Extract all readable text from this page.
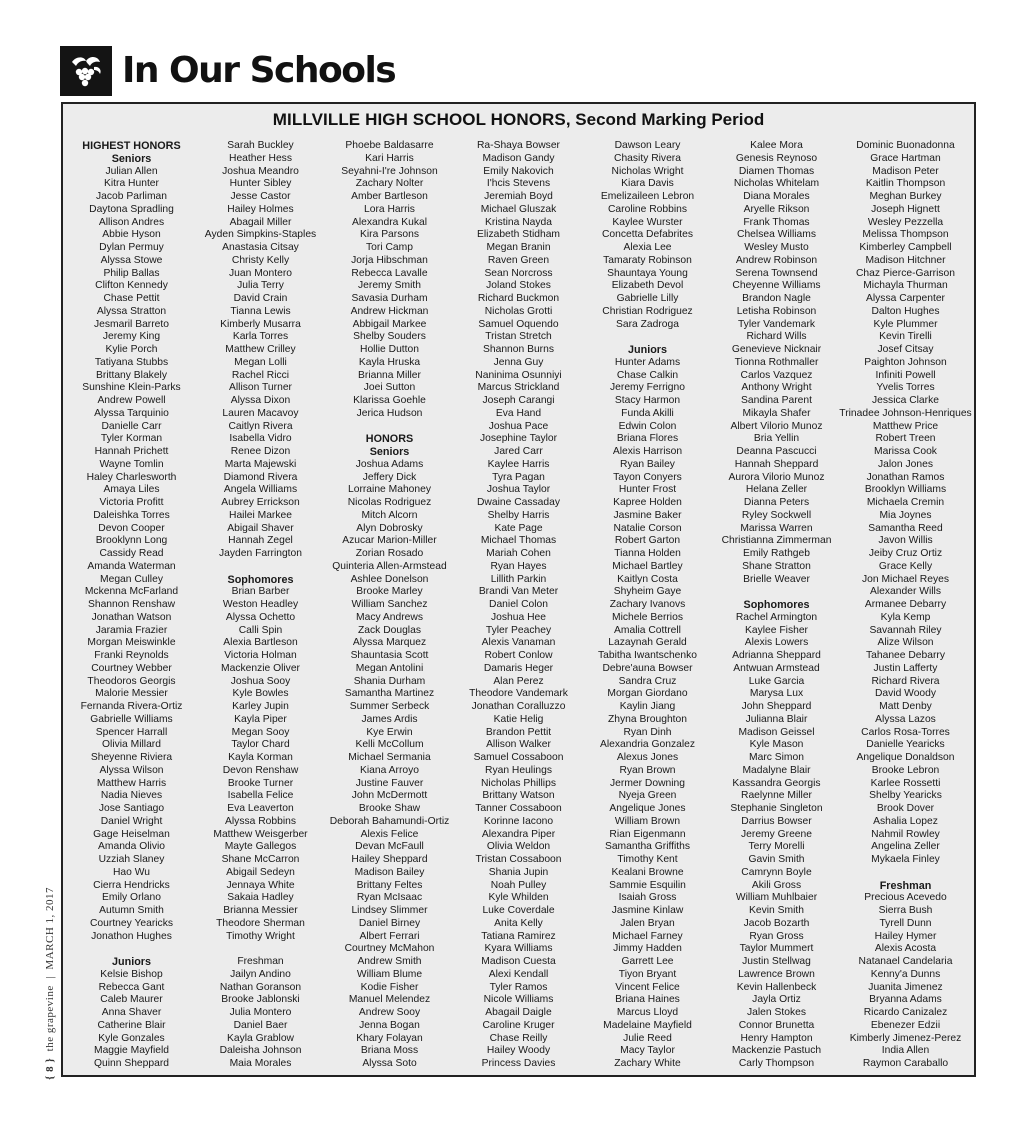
In Our Schools
MILLVILLE HIGH SCHOOL HONORS, Second Marking Period
HIGHEST HONORS
Seniors
Julian Allen
Kitra Hunter
Jacob Parliman
Daytona Spradling
Allison Andres
Abbie Hyson
Dylan Permuy
Alyssa Stowe
Philip Ballas
Clifton Kennedy
Chase Pettit
Alyssa Stratton
Jesmaril Barreto
Jeremy King
Kylie Porch
Tatiyana Stubbs
Brittany Blakely
Sunshine Klein-Parks
Andrew Powell
Alyssa Tarquinio
Danielle Carr
Tyler Korman
Hannah Prichett
Wayne Tomlin
Haley Charlesworth
Amaya Liles
Victoria Profitt
Daleishka Torres
Devon Cooper
Brooklynn Long
Cassidy Read
Amanda Waterman
Megan Culley
Mckenna McFarland
Shannon Renshaw
Jonathan Watson
Jaramia Frazier
Morgan Meiswinkle
Franki Reynolds
Courtney Webber
Theodoros Georgis
Malorie Messier
Fernanda Rivera-Ortiz
Gabrielle Williams
Spencer Harrall
Olivia Millard
Sheyenne Riviera
Alyssa Wilson
Matthew Harris
Nadia Nieves
Jose Santiago
Daniel Wright
Gage Heiselman
Amanda Olivio
Uzziah Slaney
Hao Wu
Cierra Hendricks
Emily Orlano
Autumn Smith
Courtney Yearicks
Jonathon Hughes

Juniors
Kelsie Bishop
Rebecca Gant
Caleb Maurer
Anna Shaver
Catherine Blair
Kyle Gonzales
Maggie Mayfield
Quinn Sheppard
Sarah Buckley
Heather Hess
Joshua Meandro
Hunter Sibley
Jesse Castor
Hailey Holmes
Abagail Miller
Ayden Simpkins-Staples
Anastasia Citsay
Christy Kelly
Juan Montero
Julia Terry
David Crain
Tianna Lewis
Kimberly Musarra
Karla Torres
Matthew Crilley
Megan Lolli
Rachel Ricci
Allison Turner
Alyssa Dixon
Lauren Macavoy
Caitlyn Rivera
Isabella Vidro
Renee Dizon
Marta Majewski
Diamond Rivera
Angela Williams
Aubrey Errickson
Hailei Markee
Abigail Shaver
Hannah Zegel
Jayden Farrington

Sophomores
Brian Barber
Weston Headley
Alyssa Ochetto
Calli Spin
Alexia Bartleson
Victoria Holman
Mackenzie Oliver
Joshua Sooy
Kyle Bowles
Karley Jupin
Kayla Piper
Megan Sooy
Taylor Chard
Kayla Korman
Devon Renshaw
Brooke Turner
Isabella Felice
Eva Leaverton
Alyssa Robbins
Matthew Weisgerber
Mayte Gallegos
Shane McCarron
Abigail Sedeyn
Jennaya White
Sakaia Hadley
Brianna Messier
Theodore Sherman
Timothy Wright

Freshman
Jailyn Andino
Nathan Goranson
Brooke Jablonski
Julia Montero
Daniel Baer
Kayla Grablow
Daleisha Johnson
Maia Morales
Phoebe Baldasarre
Kari Harris
Seyahni-I're Johnson
Zachary Nolter
Amber Bartleson
Lora Harris
Alexandra Kukal
Kira Parsons
Tori Camp
Jorja Hibschman
Rebecca Lavalle
Jeremy Smith
Savasia Durham
Andrew Hickman
Abbigail Markee
Shelby Souders
Hollie Dutton
Kayla Hruska
Brianna Miller
Joei Sutton
Klarissa Goehle
Jerica Hudson

HONORS
Seniors
Joshua Adams
Jeffery Dick
Lorraine Mahoney
Nicolas Rodriguez
Mitch Alcorn
Alyn Dobrosky
Azucar Marion-Miller
Zorian Rosado
Quinteria Allen-Armstead
Ashlee Donelson
Brooke Marley
William Sanchez
Macy Andrews
Zack Douglas
Alyssa Marquez
Shauntasia Scott
Megan Antolini
Shania Durham
Samantha Martinez
Summer Serbeck
James Ardis
Kye Erwin
Kelli McCollum
Michael Sermania
Kiana Arroyo
Justine Fauver
John McDermott
Brooke Shaw
Deborah Bahamundi-Ortiz
Alexis Felice
Devan McFaull
Hailey Sheppard
Madison Bailey
Brittany Feltes
Ryan McIsaac
Lindsey Slimmer
Daniel Birney
Albert Ferrari
Courtney McMahon
Andrew Smith
William Blume
Kodie Fisher
Manuel Melendez
Andrew Sooy
Jenna Bogan
Khary Folayan
Briana Moss
Alyssa Soto
Ra-Shaya Bowser
Madison Gandy
Emily Nakovich
I'hcis Stevens
Jeremiah Boyd
Michael Gluszak
Kristina Nayda
Elizabeth Stidham
Megan Branin
Raven Green
Sean Norcross
Joland Stokes
Richard Buckmon
Nicholas Grotti
Samuel Oquendo
Tristan Stretch
Shannon Burns
Jenna Guy
Naninima Osunniyi
Marcus Strickland
Joseph Carangi
Eva Hand
Joshua Pace
Josephine Taylor
Jared Carr
Kaylee Harris
Tyra Pagan
Joshua Taylor
Dwaine Cassaday
Shelby Harris
Kate Page
Michael Thomas
Mariah Cohen
Ryan Hayes
Lillith Parkin
Brandi Van Meter
Daniel Colon
Joshua Hee
Tyler Peachey
Alexis Vanaman
Robert Conlow
Damaris Heger
Alan Perez
Theodore Vandemark
Jonathan Coralluzzo
Katie Helig
Brandon Pettit
Allison Walker
Samuel Cossaboon
Ryan Heulings
Nicholas Phillips
Brittany Watson
Tanner Cossaboon
Korinne Iacono
Alexandra Piper
Olivia Weldon
Tristan Cossaboon
Shania Jupin
Noah Pulley
Kyle Whilden
Luke Coverdale
Anita Kelly
Tatiana Ramirez
Kyara Williams
Madison Cuesta
Alexi Kendall
Tyler Ramos
Nicole Williams
Abagail Daigle
Caroline Kruger
Chase Reilly
Hailey Woody
Princess Davies
Dawson Leary
Chasity Rivera
Nicholas Wright
Kiara Davis
Emelizaileen Lebron
Caroline Robbins
Kaylee Wurster
Concetta Defabrites
Alexia Lee
Tamaraty Robinson
Shauntaya Young
Elizabeth Devol
Gabrielle Lilly
Christian Rodriguez
Sara Zadroga

Juniors
Hunter Adams
Chase Calkin
Jeremy Ferrigno
Stacy Harmon
Funda Akilli
Edwin Colon
Briana Flores
Alexis Harrison
Ryan Bailey
Tayon Conyers
Hunter Frost
Kapree Holden
Jasmine Baker
Natalie Corson
Robert Garton
Tianna Holden
Michael Bartley
Kaitlyn Costa
Shyheim Gaye
Zachary Ivanovs
Michele Berrios
Amalia Cottrell
Lazaynah Gerald
Tabitha Iwantschenko
Debre'auna Bowser
Sandra Cruz
Morgan Giordano
Kaylin Jiang
Zhyna Broughton
Ryan Dinh
Alexandria Gonzalez
Alexus Jones
Ryan Brown
Jermer Downing
Nyeja Green
Angelique Jones
William Brown
Rian Eigenmann
Samantha Griffiths
Timothy Kent
Kealani Browne
Sammie Esquilin
Isaiah Gross
Jasmine Kinlaw
Jalen Bryan
Michael Farney
Jimmy Hadden
Garrett Lee
Tiyon Bryant
Vincent Felice
Briana Haines
Marcus Lloyd
Madelaine Mayfield
Julie Reed
Macy Taylor
Zachary White
Kalee Mora
Genesis Reynoso
Diamen Thomas
Nicholas Whitelam
Diana Morales
Aryelle Rikson
Frank Thomas
Chelsea Williams
Wesley Musto
Andrew Robinson
Serena Townsend
Cheyenne Williams
Brandon Nagle
Letisha Robinson
Tyler Vandemark
Richard Wills
Genevieve Nicknair
Tionna Rothmaller
Carlos Vazquez
Anthony Wright
Sandina Parent
Mikayla Shafer
Albert Vilorio Munoz
Bria Yellin
Deanna Pascucci
Hannah Sheppard
Aurora Vilorio Munoz
Helana Zeller
Dianna Peters
Ryley Sockwell
Marissa Warren
Christianna Zimmerman
Emily Rathgeb
Shane Stratton
Brielle Weaver

Sophomores
Rachel Armington
Kaylee Fisher
Alexis Lowers
Adrianna Sheppard
Antwuan Armstead
Luke Garcia
Marysa Lux
John Sheppard
Julianna Blair
Madison Geissel
Kyle Mason
Marc Simon
Madalyne Blair
Kassandra Georgis
Raelynne Miller
Stephanie Singleton
Darrius Bowser
Jeremy Greene
Terry Morelli
Gavin Smith
Camrynn Boyle
Akili Gross
William Muhlbaier
Kevin Smith
Jacob Bozarth
Ryan Gross
Taylor Mummert
Justin Stellwag
Lawrence Brown
Kevin Hallenbeck
Jayla Ortiz
Jalen Stokes
Connor Brunetta
Henry Hampton
Mackenzie Pastuch
Carly Thompson
Dominic Buonadonna
Grace Hartman
Madison Peter
Kaitlin Thompson
Meghan Burkey
Joseph Hignett
Wesley Pezzella
Melissa Thompson
Kimberley Campbell
Madison Hitchner
Chaz Pierce-Garrison
Michayla Thurman
Alyssa Carpenter
Dalton Hughes
Kyle Plummer
Kevin Tirelli
Josef Citsay
Paighton Johnson
Infiniti Powell
Yvelis Torres
Jessica Clarke
Trinadee Johnson-Henriques
Matthew Price
Robert Treen
Marissa Cook
Jalon Jones
Jonathan Ramos
Brooklyn Williams
Michaela Cremin
Mia Joynes
Samantha Reed
Javon Willis
Jeiby Cruz Ortiz
Grace Kelly
Jon Michael Reyes
Alexander Wills
Armanee Debarry
Kyla Kemp
Savannah Riley
Alize Wilson
Tahanee Debarry
Justin Lafferty
Richard Rivera
David Woody
Matt Denby
Alyssa Lazos
Carlos Rosa-Torres
Danielle Yearicks
Angelique Donaldson
Brooke Lebron
Karlee Rossetti
Shelby Yearicks
Brook Dover
Ashalia Lopez
Nahmil Rowley
Angelina Zeller
Mykaela Finley

Freshman
Precious Acevedo
Sierra Bush
Tyrell Dunn
Hailey Hymer
Alexis Acosta
Natanael Candelaria
Kenny'a Dunns
Juanita Jimenez
Bryanna Adams
Ricardo Canizalez
Ebenezer Edzii
Kimberly Jimenez-Perez
India Allen
Raymon Caraballo
{ 8 }  the grapevine  |  MARCH 1, 2017
